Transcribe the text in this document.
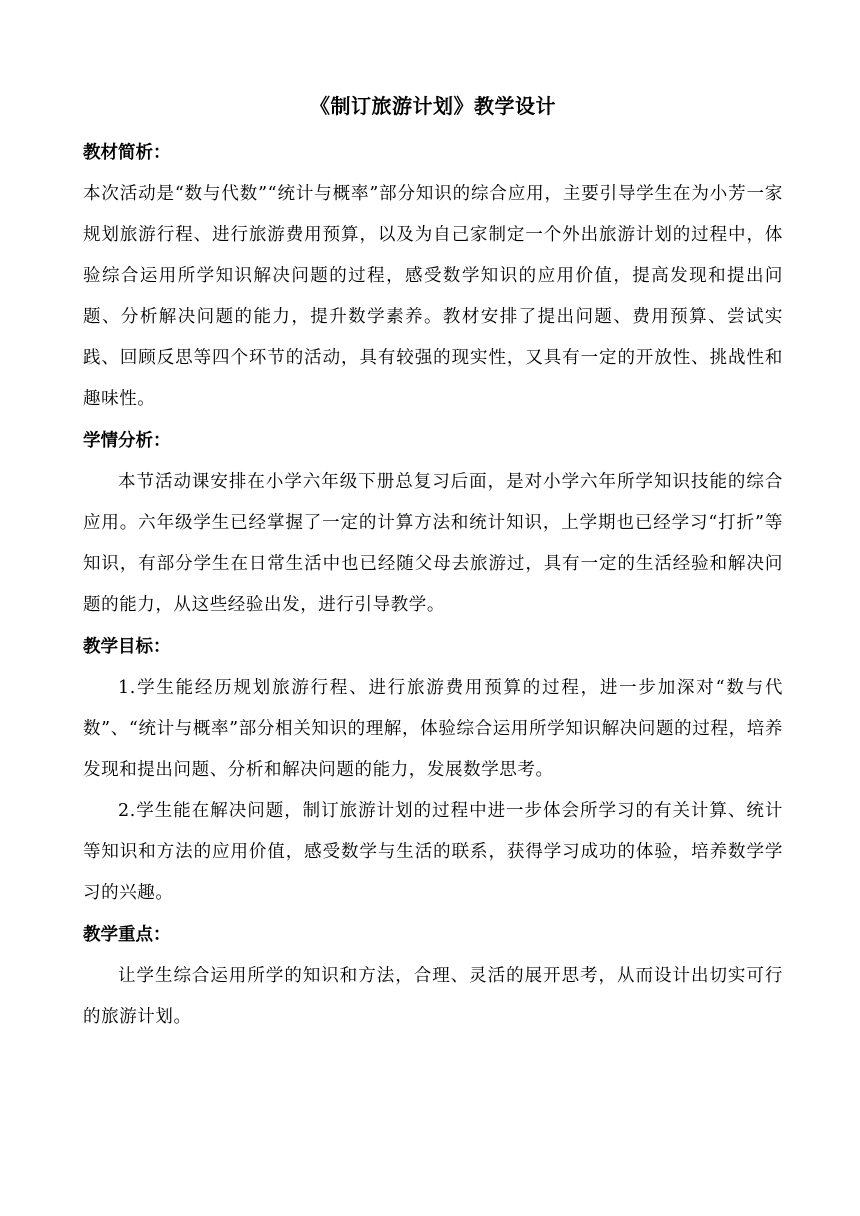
《制订旅游计划》教学设计
教材简析：

本次活动是“数与代数”“统计与概率”部分知识的综合应用，主要引导学生在为小芳一家规划旅游行程、进行旅游费用预算，以及为自己家制定一个外出旅游计划的过程中，体验综合运用所学知识解决问题的过程，感受数学知识的应用价值，提高发现和提出问题、分析解决问题的能力，提升数学素养。教材安排了提出问题、费用预算、尝试实践、回顾反思等四个环节的活动，具有较强的现实性，又具有一定的开放性、挑战性和趣味性。

学情分析：

本节活动课安排在小学六年级下册总复习后面，是对小学六年所学知识技能的综合应用。六年级学生已经掌握了一定的计算方法和统计知识，上学期也已经学习“打折”等知识，有部分学生在日常生活中也已经随父母去旅游过，具有一定的生活经验和解决问题的能力，从这些经验出发，进行引导教学。

教学目标：

1.学生能经历规划旅游行程、进行旅游费用预算的过程，进一步加深对“数与代数”、“统计与概率”部分相关知识的理解，体验综合运用所学知识解决问题的过程，培养发现和提出问题、分析和解决问题的能力，发展数学思考。

2.学生能在解决问题，制订旅游计划的过程中进一步体会所学习的有关计算、统计等知识和方法的应用价值，感受数学与生活的联系，获得学习成功的体验，培养数学学习的兴趣。

教学重点：

让学生综合运用所学的知识和方法，合理、灵活的展开思考，从而设计出切实可行的旅游计划。
